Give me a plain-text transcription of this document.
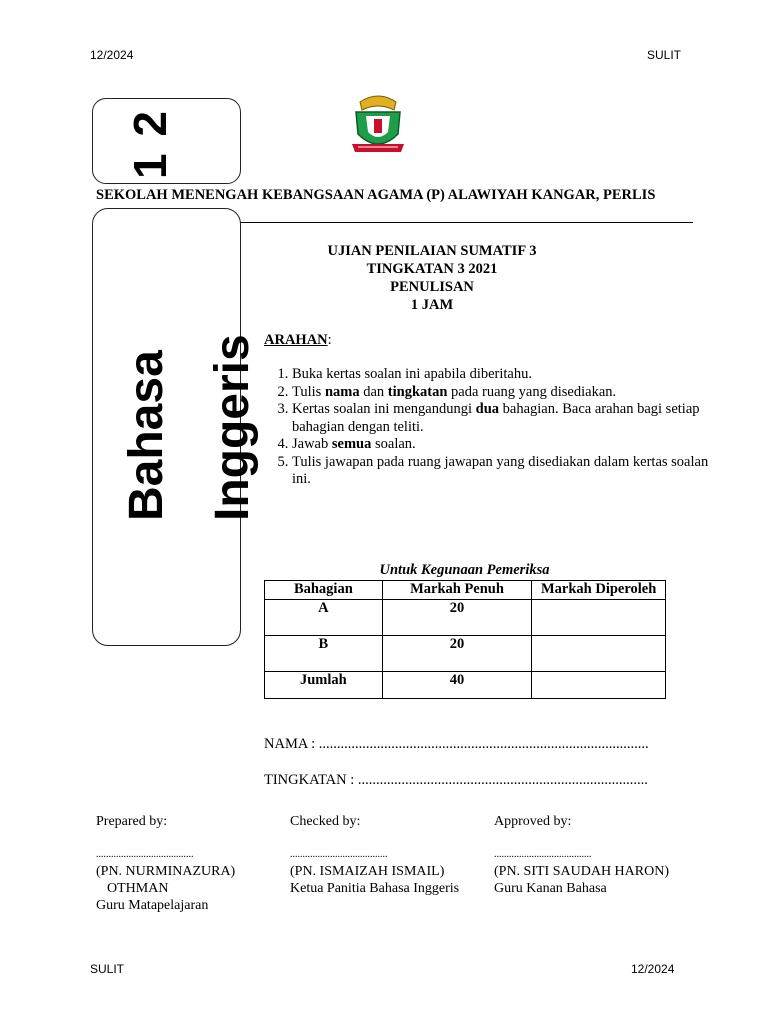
12/2024	SULIT
SEKOLAH MENENGAH KEBANGSAAN AGAMA (P) ALAWIYAH KANGAR, PERLIS
UJIAN PENILAIAN SUMATIF 3
TINGKATAN 3 2021
PENULISAN
1 JAM
ARAHAN:
1. Buka kertas soalan ini apabila diberitahu.
2. Tulis nama dan tingkatan pada ruang yang disediakan.
3. Kertas soalan ini mengandungi dua bahagian. Baca arahan bagi setiap bahagian dengan teliti.
4. Jawab semua soalan.
5. Tulis jawapan pada ruang jawapan yang disediakan dalam kertas soalan ini.
Untuk Kegunaan Pemeriksa
Bahagian	Markah Penuh	Markah Diperoleh
A	20	
B	20	
Jumlah	40	
NAMA : ...........................................................................................
TINGKATAN : ................................................................................
Prepared by:
.......................................
(PN. NURMINAZURA)
OTHMAN
Guru Matapelajaran
Checked by:
.......................................
(PN. ISMAIZAH ISMAIL)
Ketua Panitia Bahasa Inggeris
Approved by:
.......................................
(PN. SITI SAUDAH HARON)
Guru Kanan Bahasa
SULIT	12/2024
1 2
Bahasa Inggeris
